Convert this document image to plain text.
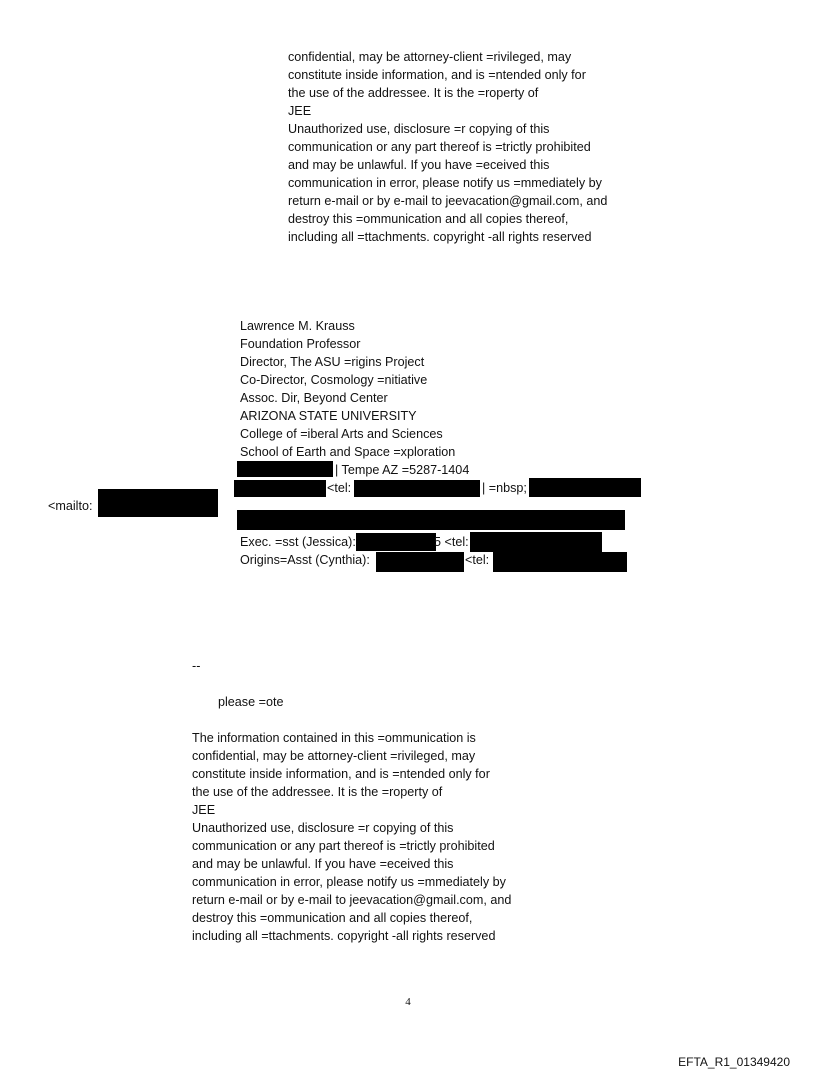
confidential, may be attorney-client =rivileged, may
constitute inside information, and is =ntended only for
the use of the addressee. It is the =roperty of
JEE
Unauthorized use, disclosure =r copying of this
communication or any part thereof is =trictly prohibited
and may be unlawful. If you have =eceived this
communication in error, please notify us =mmediately by
return e-mail or by e-mail to jeevacation@gmail.com, and
destroy this =ommunication and all copies thereof,
including all =ttachments. copyright -all rights reserved
Lawrence M. Krauss
Foundation Professor
Director, The ASU =rigins Project
Co-Director, Cosmology =nitiative
Assoc. Dir, Beyond Center
ARIZONA STATE UNIVERSITY
College of =iberal Arts and Sciences
School of Earth and Space =xploration
| Tempe AZ =5287-1404
<tel:	| =nbsp;
<mailto:
Exec. =sst (Jessica):	5 <tel:
Origins=Asst (Cynthia):	<tel:
--
please =ote
The information contained in this =ommunication is
confidential, may be attorney-client =rivileged, may
constitute inside information, and is =ntended only for
the use of the addressee. It is the =roperty of
JEE
Unauthorized use, disclosure =r copying of this
communication or any part thereof is =trictly prohibited
and may be unlawful. If you have =eceived this
communication in error, please notify us =mmediately by
return e-mail or by e-mail to jeevacation@gmail.com, and
destroy this =ommunication and all copies thereof,
including all =ttachments. copyright -all rights reserved
4
EFTA_R1_01349420
